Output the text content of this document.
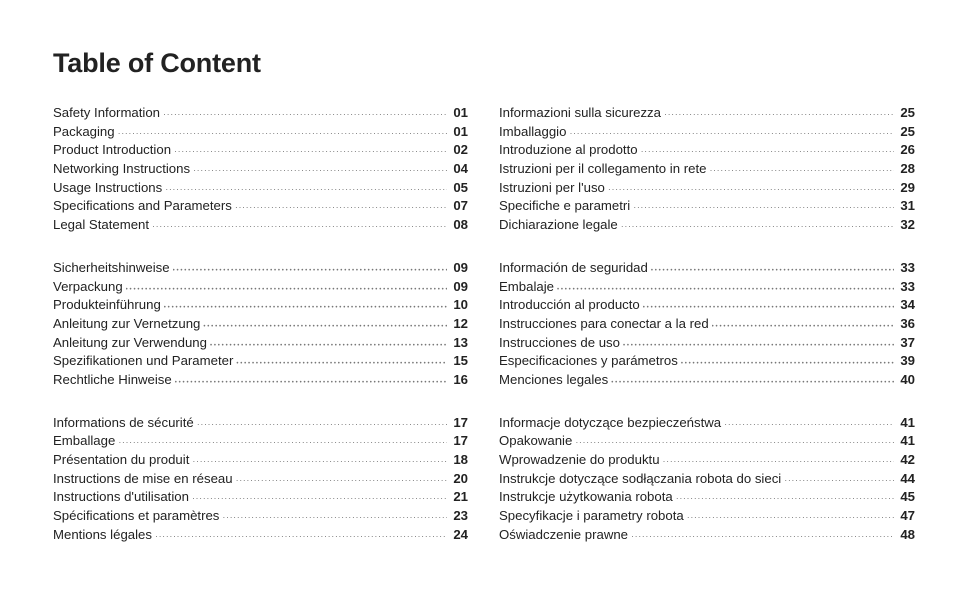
Table of Content
Safety Information ·····	01
Packaging ·····	01
Product Introduction ·····	02
Networking Instructions ·····	04
Usage Instructions ·····	05
Specifications and Parameters ·····	07
Legal Statement ·····	08
Sicherheitshinweise •••••	09
Verpackung •••••	09
Produkteinführung •••••	10
Anleitung zur Vernetzung •••••	12
Anleitung zur Verwendung •••••	13
Spezifikationen und Parameter •••••	15
Rechtliche Hinweise •••••	16
Informations de sécurité ·····	17
Emballage ·····	17
Présentation du produit ·····	18
Instructions de mise en réseau ·····	20
Instructions d'utilisation ·····	21
Spécifications et paramètres ·····	23
Mentions légales ·····	24
Informazioni sulla sicurezza ·····	25
Imballaggio ·····	25
Introduzione al prodotto ·····	26
Istruzioni per il collegamento in rete ·····	28
Istruzioni per l'uso ·····	29
Specifiche e parametri ·····	31
Dichiarazione legale ·····	32
Información de seguridad •••••	33
Embalaje •••••	33
Introducción al producto •••••	34
Instrucciones para conectar a la red •••••	36
Instrucciones de uso •••••	37
Especificaciones y parámetros •••••	39
Menciones legales •••••	40
Informacje dotyczące bezpieczeństwa ·····	41
Opakowanie ·····	41
Wprowadzenie do produktu ·····	42
Instrukcje dotyczące sodłączania robota do sieci ·····	44
Instrukcje użytkowania robota ·····	45
Specyfikacje i parametry robota ·····	47
Oświadczenie prawne ·····	48
